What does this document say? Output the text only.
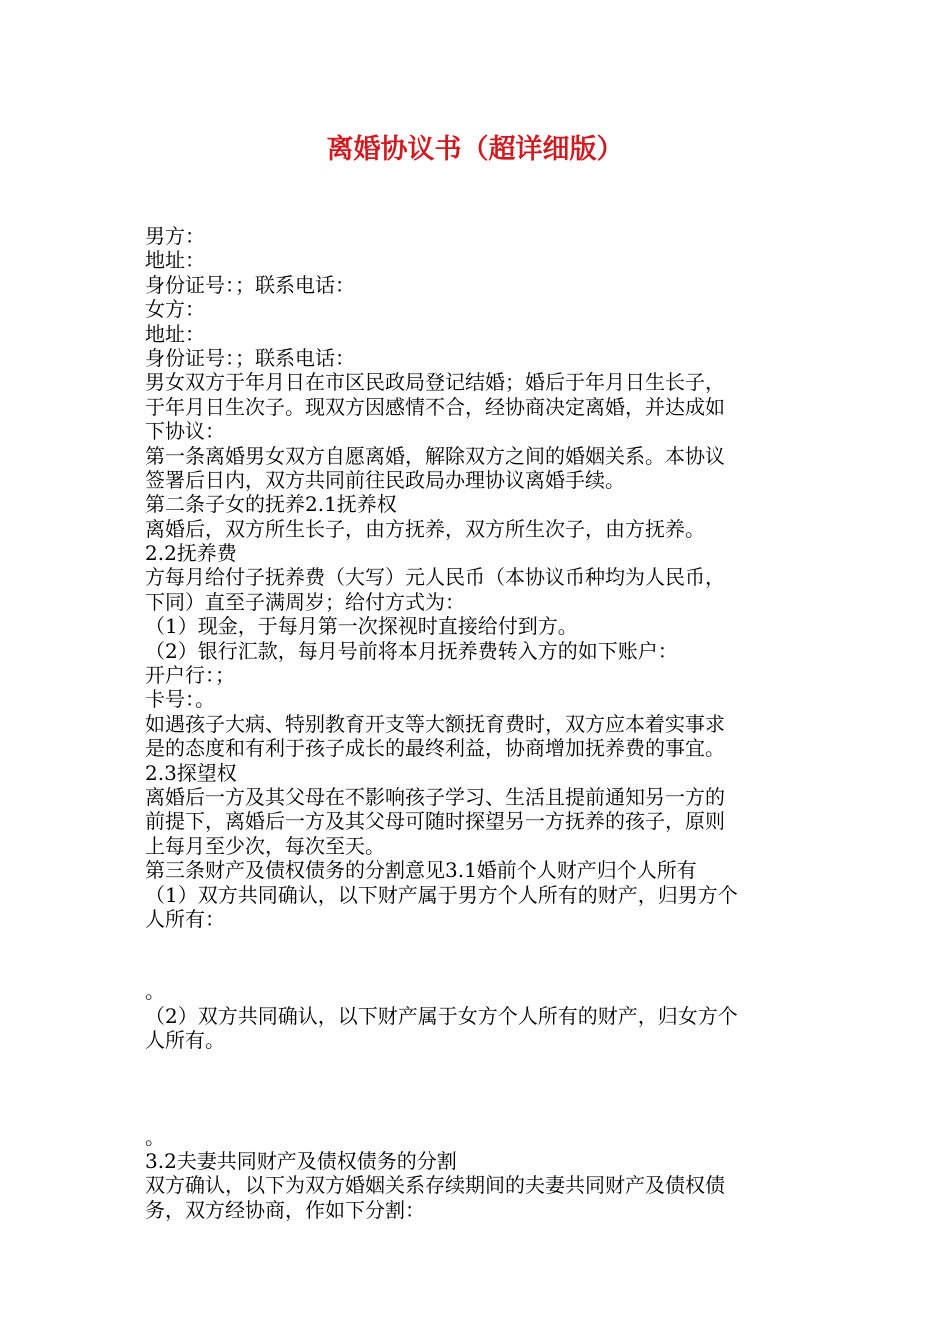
离婚协议书（超详细版）
男方：
地址：
身份证号：；联系电话：
女方：
地址：
身份证号：；联系电话：
男女双方于年月日在市区民政局登记结婚；婚后于年月日生长子，
于年月日生次子。现双方因感情不合，经协商决定离婚，并达成如
下协议：
第一条离婚男女双方自愿离婚，解除双方之间的婚姻关系。本协议
签署后日内，双方共同前往民政局办理协议离婚手续。
第二条子女的抚养2.1抚养权
离婚后，双方所生长子，由方抚养，双方所生次子，由方抚养。
2.2抚养费
方每月给付子抚养费（大写）元人民币（本协议币种均为人民币，
下同）直至子满周岁；给付方式为：
（1）现金，于每月第一次探视时直接给付到方。
（2）银行汇款，每月号前将本月抚养费转入方的如下账户：
开户行：；
卡号：。
如遇孩子大病、特别教育开支等大额抚育费时，双方应本着实事求
是的态度和有利于孩子成长的最终利益，协商增加抚养费的事宜。
2.3探望权
离婚后一方及其父母在不影响孩子学习、生活且提前通知另一方的
前提下，离婚后一方及其父母可随时探望另一方抚养的孩子，原则
上每月至少次，每次至天。
第三条财产及债权债务的分割意见3.1婚前个人财产归个人所有
（1）双方共同确认，以下财产属于男方个人所有的财产，归男方个
人所有：
。
（2）双方共同确认，以下财产属于女方个人所有的财产，归女方个
人所有。
。
3.2夫妻共同财产及债权债务的分割
双方确认，以下为双方婚姻关系存续期间的夫妻共同财产及债权债
务，双方经协商，作如下分割：
